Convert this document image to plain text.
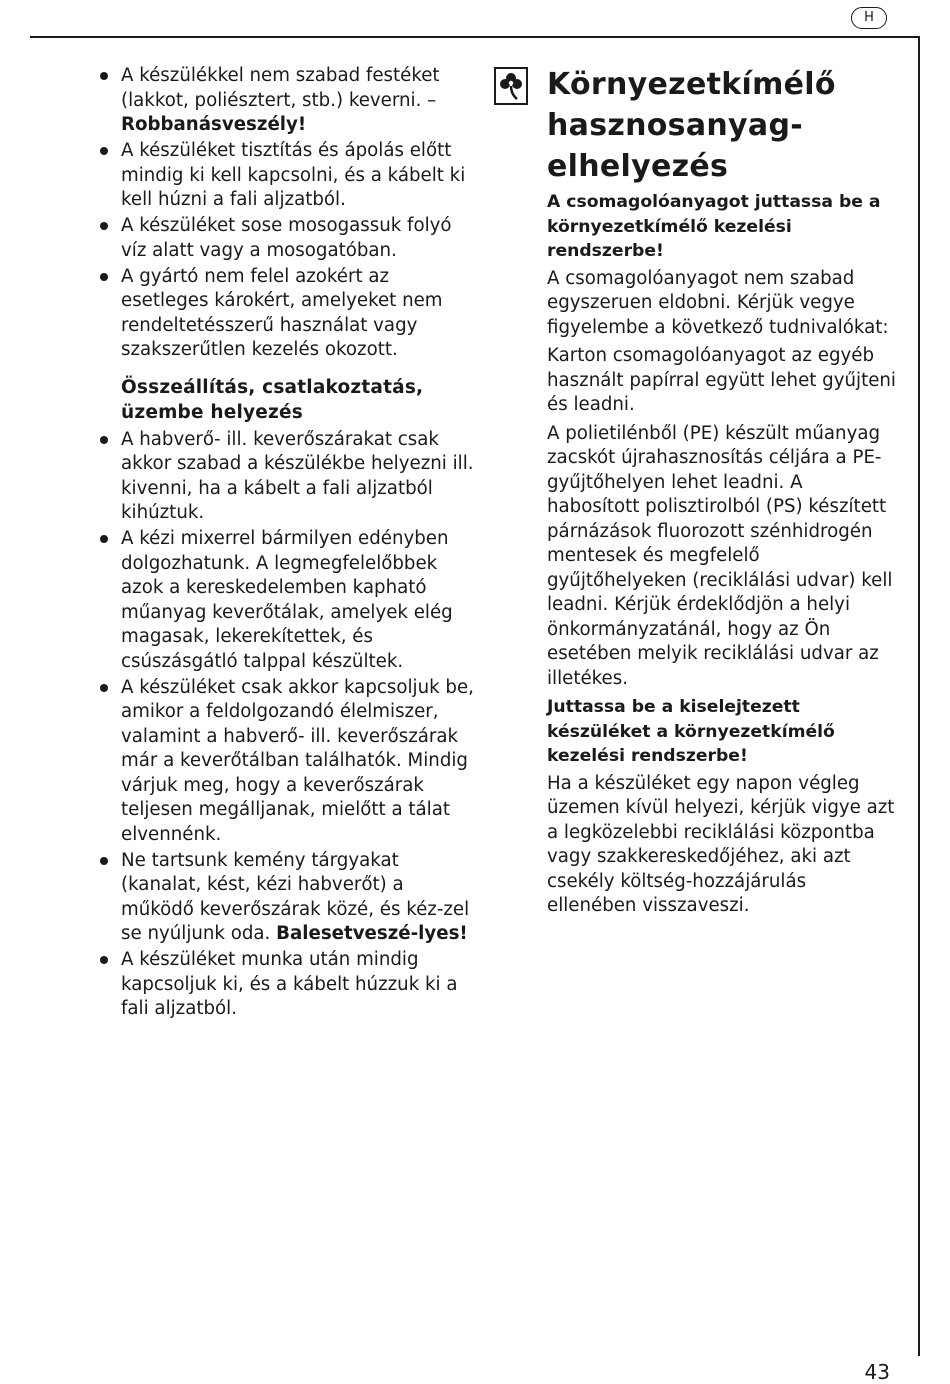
H
A készülékkel nem szabad festéket (lakkot, poliésztert, stb.) keverni. –
Robbanásveszély!
A készüléket tisztítás és ápolás előtt mindig ki kell kapcsolni, és a kábelt ki kell húzni a fali aljzatból.
A készüléket sose mosogassuk folyó víz alatt vagy a mosogatóban.
A gyártó nem felel azokért az esetleges károkért, amelyeket nem rendeltetésszerű használat vagy szakszerűtlen kezelés okozott.
Összeállítás, csatlakoztatás, üzembe helyezés
A habverő- ill. keverőszárakat csak akkor szabad a készülékbe helyezni ill. kivenni, ha a kábelt a fali aljzatból kihúztuk.
A kézi mixerrel bármilyen edényben dolgozhatunk. A legmegfelelőbbek azok a kereskedelemben kapható műanyag keverőtálak, amelyek elég magasak, lekerekítettek, és csúszásgátló talppal készültek.
A készüléket csak akkor kapcsoljuk be, amikor a feldolgozandó élelmiszer, valamint a habverő- ill. keverőszárak már a keverőtálban találhatók. Mindig várjuk meg, hogy a keverőszárak teljesen megálljanak, mielőtt a tálat elvennénk.
Ne tartsunk kemény tárgyakat (kanalat, kést, kézi habverőt) a működő keverőszárak közé, és kéz-zel se nyúljunk oda. Balesetveszé-lyes!
A készüléket munka után mindig kapcsoljuk ki, és a kábelt húzzuk ki a fali aljzatból.
Környezetkímélő hasznosanyag-elhelyezés
A csomagolóanyagot juttassa be a környezetkímélő kezelési rendszerbe!

A csomagolóanyagot nem szabad egyszeruen eldobni. Kérjük vegye figyelembe a következő tudnivalókat:

Karton csomagolóanyagot az egyéb használt papírral együtt lehet gyűjteni és leadni.

A polietilénből (PE) készült műanyag zacskót újrahasznosítás céljára a PE-gyűjtőhelyen lehet leadni. A habosított polisztirolból (PS) készített párnázások fluorozott szénhidrogén mentesek és megfelelő gyűjtőhelyeken (reciklálási udvar) kell leadni. Kérjük érdeklődjön a helyi önkormányzatánál, hogy az Ön esetében melyik reciklálási udvar az illetékes.

Juttassa be a kiselejtezett készüléket a környezetkímélő kezelési rendszerbe!

Ha a készüléket egy napon végleg üzemen kívül helyezi, kérjük vigye azt a legközelebbi reciklálási központba vagy szakkereskedőjéhez, aki azt csekély költség-hozzájárulás ellenében visszaveszi.

43
